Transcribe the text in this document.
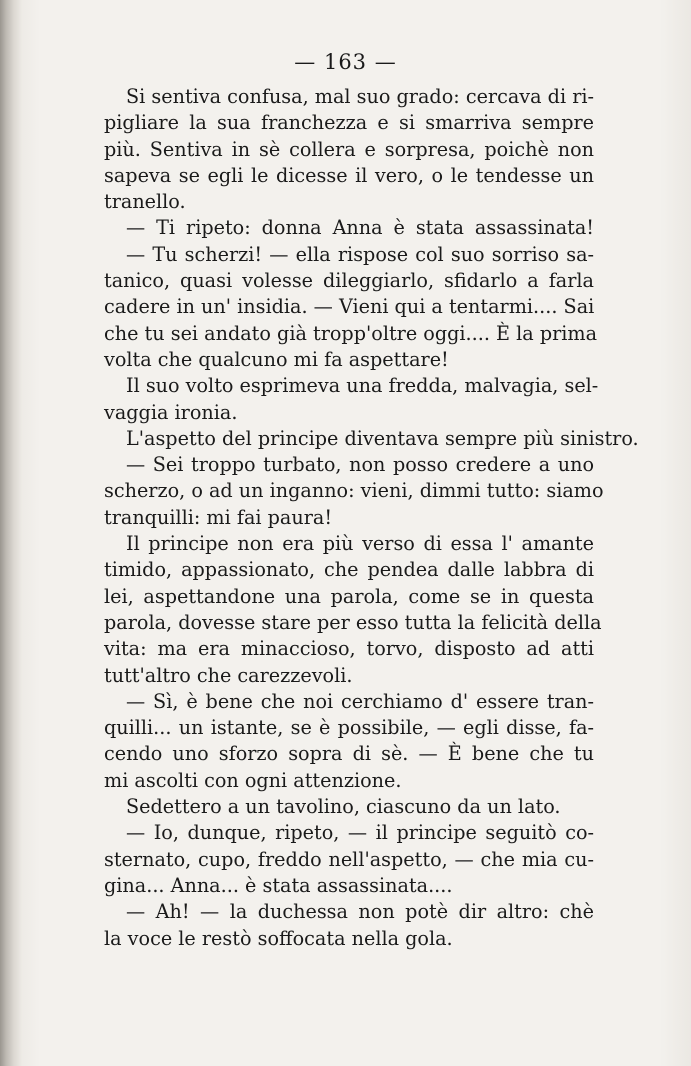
— 163 —
Si sentiva confusa, mal suo grado: cercava di ri-
pigliare la sua franchezza e si smarriva sempre
più. Sentiva in sè collera e sorpresa, poichè non
sapeva se egli le dicesse il vero, o le tendesse un
tranello.
— Ti ripeto: donna Anna è stata assassinata!
— Tu scherzi! — ella rispose col suo sorriso sa-
tanico, quasi volesse dileggiarlo, sfidarlo a farla
cadere in un' insidia. — Vieni qui a tentarmi.... Sai
che tu sei andato già tropp'oltre oggi.... È la prima
volta che qualcuno mi fa aspettare!
Il suo volto esprimeva una fredda, malvagia, sel-
vaggia ironia.
L'aspetto del principe diventava sempre più sinistro.
— Sei troppo turbato, non posso credere a uno
scherzo, o ad un inganno: vieni, dimmi tutto: siamo
tranquilli: mi fai paura!
Il principe non era più verso di essa l' amante
timido, appassionato, che pendea dalle labbra di
lei, aspettandone una parola, come se in questa
parola, dovesse stare per esso tutta la felicità della
vita: ma era minaccioso, torvo, disposto ad atti
tutt'altro che carezzevoli.
— Sì, è bene che noi cerchiamo d' essere tran-
quilli... un istante, se è possibile, — egli disse, fa-
cendo uno sforzo sopra di sè. — È bene che tu
mi ascolti con ogni attenzione.
Sedettero a un tavolino, ciascuno da un lato.
— Io, dunque, ripeto, — il principe seguitò co-
sternato, cupo, freddo nell'aspetto, — che mia cu-
gina... Anna... è stata assassinata....
— Ah! — la duchessa non potè dir altro: chè
la voce le restò soffocata nella gola.
